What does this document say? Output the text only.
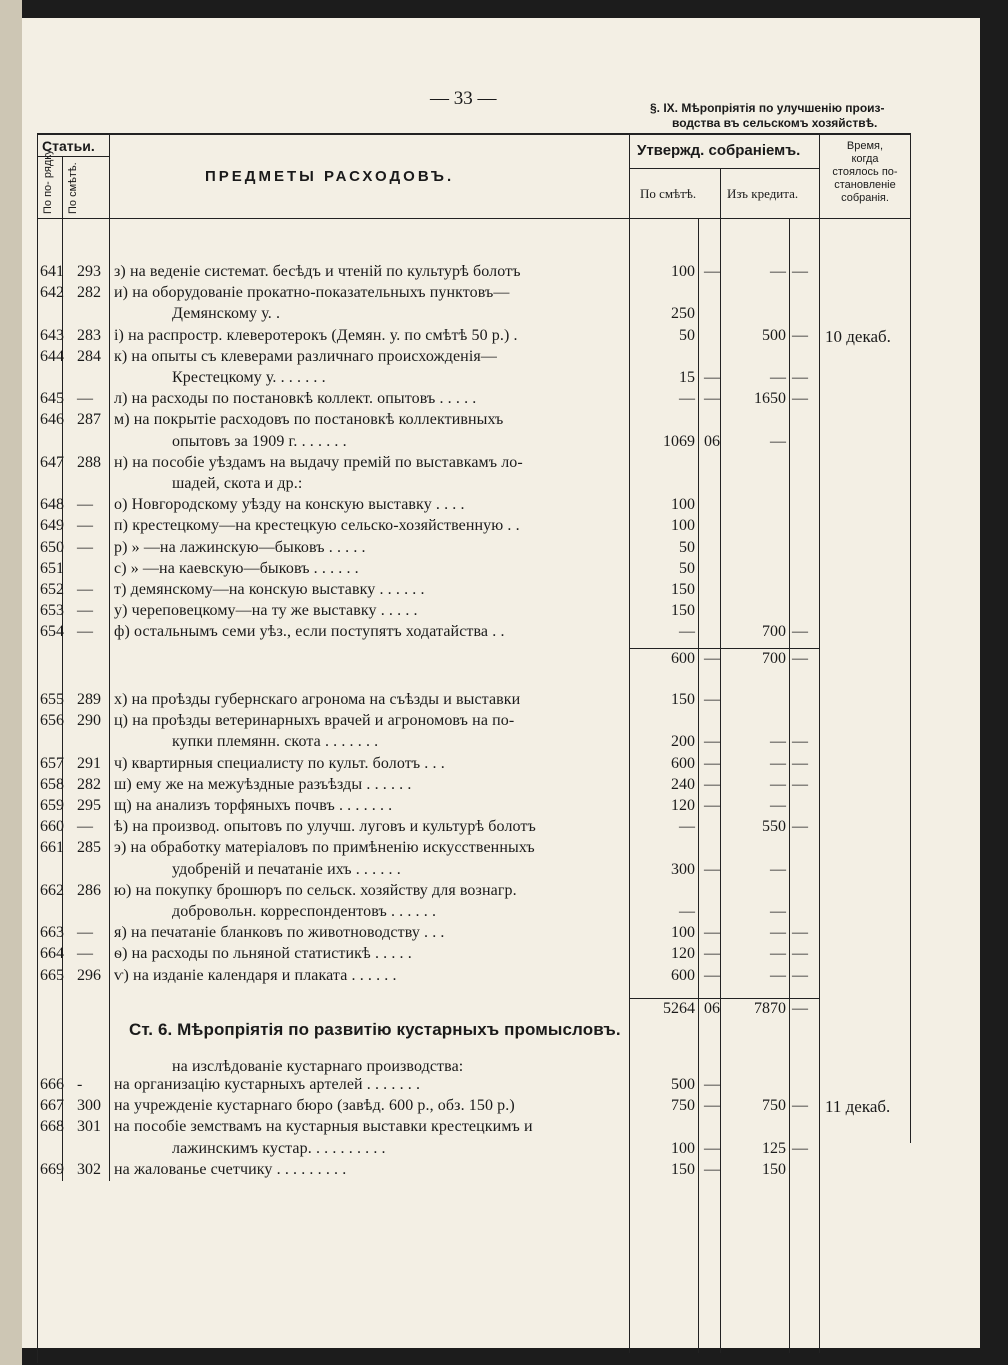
— 33 —	§. IX. Мѣропріятія по улучшенію произ-
водства въ сельскомъ хозяйствѣ.
Статьи.
По по- рядку. По смѣтѣ.	ПРЕДМЕТЫ РАСХОДОВЪ.
Утвержд. собраніемъ.
По смѣтѣ. Изъ кредита.
Время,
когда
стоялось по-
становленіе
собранія.
641 293 з) на веденіе системат. бесѣдъ и чтеній по культурѣ болотъ	100 —	— —
642 282 и) на оборудованіе прокатно-показательныхъ пунктовъ—
Демянскому у. .	250
643 283 і) на распростр. клеверотерокъ (Демян. у. по смѣтѣ 50 р.) .	50	500 — 10 декаб.
644 284 к) на опыты съ клеверами различнаго происхожденія—
Крестецкому у. . . . . . .	15 —	— —
645 — л) на расходы по постановкѣ коллект. опытовъ . . . . .	— —	1650 —
646 287 м) на покрытіе расходовъ по постановкѣ коллективныхъ
опытовъ за 1909 г. . . . . . .	1069 06	—
647 288 н) на пособіе уѣздамъ на выдачу премій по выставкамъ ло-
шадей, скота и др.:
648 — о) Новгородскому уѣзду на конскую выставку . . . .	100
649 — п) крестецкому—на крестецкую сельско-хозяйственную . .	100
650 — р) » —на лажинскую—быковъ . . . . .	50
651	с) » —на каевскую—быковъ . . . . . .	50
652 — т) демянскому—на конскую выставку . . . . . .	150
653 — у) череповецкому—на ту же выставку . . . . .	150
654 — ф) остальнымъ семи уѣз., если поступятъ ходатайства . .	—	700 —
600 —	700 —
655 289 х) на проѣзды губернскаго агронома на съѣзды и выставки	150 —
656 290 ц) на проѣзды ветеринарныхъ врачей и агрономовъ на по-
купки племянн. скота . . . . . . .	200 —	— —
657 291 ч) квартирныя специалисту по культ. болотъ . . .	600 —	— —
658 282 ш) ему же на межуѣздные разъѣзды . . . . . .	240 —	— —
659 295 щ) на анализъ торфяныхъ почвъ . . . . . . .	120 —	—
660 — ѣ) на производ. опытовъ по улучш. луговъ и культурѣ болотъ	—	550 —
661 285 э) на обработку матеріаловъ по примѣненію искусственныхъ
удобреній и печатаніе ихъ . . . . . .	300 —	—
662 286 ю) на покупку брошюръ по сельск. хозяйству для вознагр.
добровольн. корреспондентовъ . . . . . .	—	—
663 — я) на печатаніе бланковъ по животноводству . . .	100 —	— —
664 — ѳ) на расходы по льняной статистикѣ . . . . .	120 —	— —
665 296 ѵ) на изданіе календаря и плаката . . . . . .	600 —	— —
5264 06	7870 —
Ст. 6. Мѣропріятія по развитію кустарныхъ промысловъ.
на изслѣдованіе кустарнаго производства:
666 - на организацію кустарныхъ артелей . . . . . . .	500 —
667 300 на учрежденіе кустарнаго бюро (завѣд. 600 р., обз. 150 р.)	750 —	750 — 11 декаб.
668 301 на пособіе земствамъ на кустарныя выставки крестецкимъ и
лажинскимъ кустар. . . . . . . . . .	100 —	125 —
669 302 на жалованье счетчику . . . . . . . . .	150 —	150
